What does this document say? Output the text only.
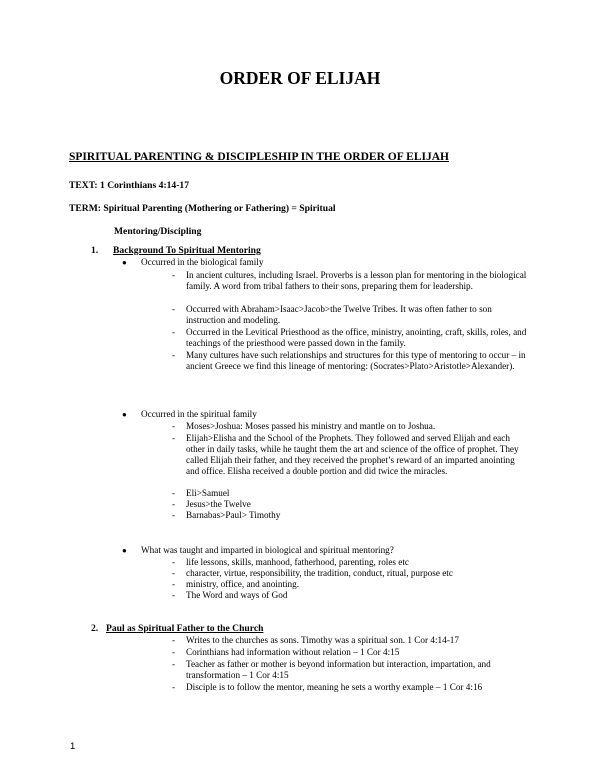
ORDER OF ELIJAH
SPIRITUAL PARENTING & DISCIPLESHIP IN THE ORDER OF ELIJAH
TEXT: 1 Corinthians 4:14-17
TERM: Spiritual Parenting (Mothering or Fathering) = Spiritual
Mentoring/Discipling
1. Background To Spiritual Mentoring
● Occurred in the biological family
- In ancient cultures, including Israel. Proverbs is a lesson plan for mentoring in the biological family. A word from tribal fathers to their sons, preparing them for leadership.
- Occurred with Abraham>Isaac>Jacob>the Twelve Tribes. It was often father to son instruction and modeling.
- Occurred in the Levitical Priesthood as the office, ministry, anointing, craft, skills, roles, and teachings of the priesthood were passed down in the family.
- Many cultures have such relationships and structures for this type of mentoring to occur – in ancient Greece we find this lineage of mentoring: (Socrates>Plato>Aristotle>Alexander).
● Occurred in the spiritual family
- Moses>Joshua: Moses passed his ministry and mantle on to Joshua.
- Elijah>Elisha and the School of the Prophets. They followed and served Elijah and each other in daily tasks, while he taught them the art and science of the office of prophet. They called Elijah their father, and they received the prophet’s reward of an imparted anointing and office. Elisha received a double portion and did twice the miracles.
- Eli>Samuel
- Jesus>the Twelve
- Barnabas>Paul> Timothy
● What was taught and imparted in biological and spiritual mentoring?
- life lessons, skills, manhood, fatherhood, parenting, roles etc
- character, virtue, responsibility, the tradition, conduct, ritual, purpose etc
- ministry, office, and anointing.
- The Word and ways of God
2. Paul as Spiritual Father to the Church
- Writes to the churches as sons. Timothy was a spiritual son. 1 Cor 4:14-17
- Corinthians had information without relation – 1 Cor 4:15
- Teacher as father or mother is beyond information but interaction, impartation, and transformation – 1 Cor 4:15
- Disciple is to follow the mentor, meaning he sets a worthy example – 1 Cor 4:16
1
